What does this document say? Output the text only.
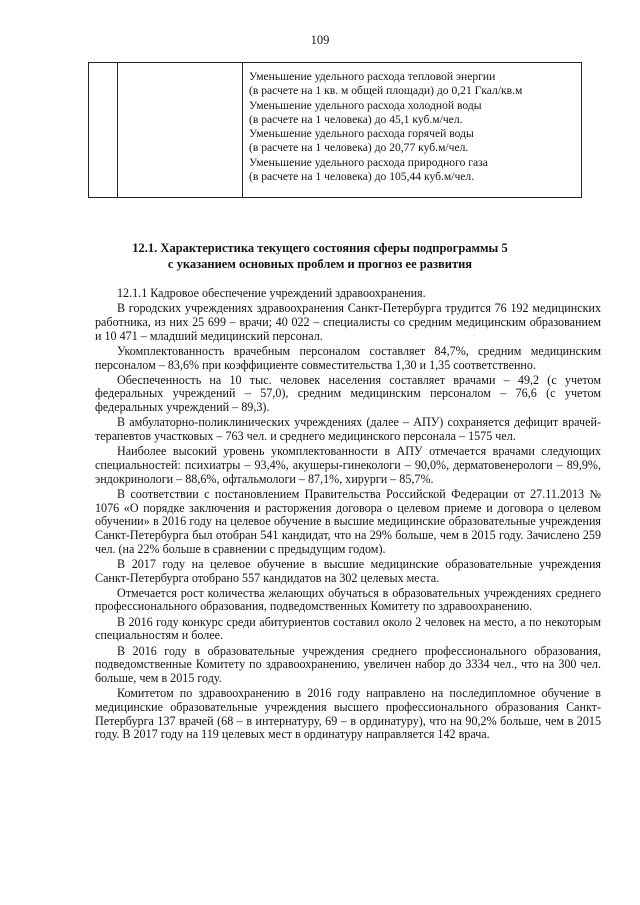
109

Уменьшение удельного расхода тепловой энергии
(в расчете на 1 кв. м общей площади) до 0,21 Гкал/кв.м
Уменьшение удельного расхода холодной воды
(в расчете на 1 человека) до 45,1 куб.м/чел.
Уменьшение удельного расхода горячей воды
(в расчете на 1 человека) до 20,77 куб.м/чел.
Уменьшение удельного расхода природного газа
(в расчете на 1 человека) до 105,44 куб.м/чел.
12.1. Характеристика текущего состояния сферы подпрограммы 5
с указанием основных проблем и прогноз ее развития

12.1.1 Кадровое обеспечение учреждений здравоохранения.

В городских учреждениях здравоохранения Санкт-Петербурга трудится 76 192 медицинских работника, из них 25 699 – врачи; 40 022 – специалисты со средним медицинским образованием и 10 471 – младший медицинский персонал.

Укомплектованность врачебным персоналом составляет 84,7%, средним медицинским персоналом – 83,6% при коэффициенте совместительства 1,30 и 1,35 соответственно.

Обеспеченность на 10 тыс. человек населения составляет врачами – 49,2 (с учетом федеральных учреждений – 57,0), средним медицинским персоналом – 76,6 (с учетом федеральных учреждений – 89,3).

В амбулаторно-поликлинических учреждениях (далее – АПУ) сохраняется дефицит врачей-терапевтов участковых – 763 чел. и среднего медицинского персонала – 1575 чел.

Наиболее высокий уровень укомплектованности в АПУ отмечается врачами следующих специальностей: психиатры – 93,4%, акушеры-гинекологи – 90,0%, дерматовенерологи – 89,9%, эндокринологи – 88,6%, офтальмологи – 87,1%, хирурги – 85,7%.

В соответствии с постановлением Правительства Российской Федерации от 27.11.2013 № 1076 «О порядке заключения и расторжения договора о целевом приеме и договора о целевом обучении» в 2016 году на целевое обучение в высшие медицинские образовательные учреждения Санкт-Петербурга был отобран 541 кандидат, что на 29% больше, чем в 2015 году. Зачислено 259 чел. (на 22% больше в сравнении с предыдущим годом).

В 2017 году на целевое обучение в высшие медицинские образовательные учреждения Санкт-Петербурга отобрано 557 кандидатов на 302 целевых места.

Отмечается рост количества желающих обучаться в образовательных учреждениях среднего профессионального образования, подведомственных Комитету по здравоохранению.

В 2016 году конкурс среди абитуриентов составил около 2 человек на место, а по некоторым специальностям и более.

В 2016 году в образовательные учреждения среднего профессионального образования, подведомственные Комитету по здравоохранению, увеличен набор до 3334 чел., что на 300 чел. больше, чем в 2015 году.

Комитетом по здравоохранению в 2016 году направлено на последипломное обучение в медицинские образовательные учреждения высшего профессионального образования Санкт-Петербурга 137 врачей (68 – в интернатуру, 69 – в ординатуру), что на 90,2% больше, чем в 2015 году. В 2017 году на 119 целевых мест в ординатуру направляется 142 врача.
